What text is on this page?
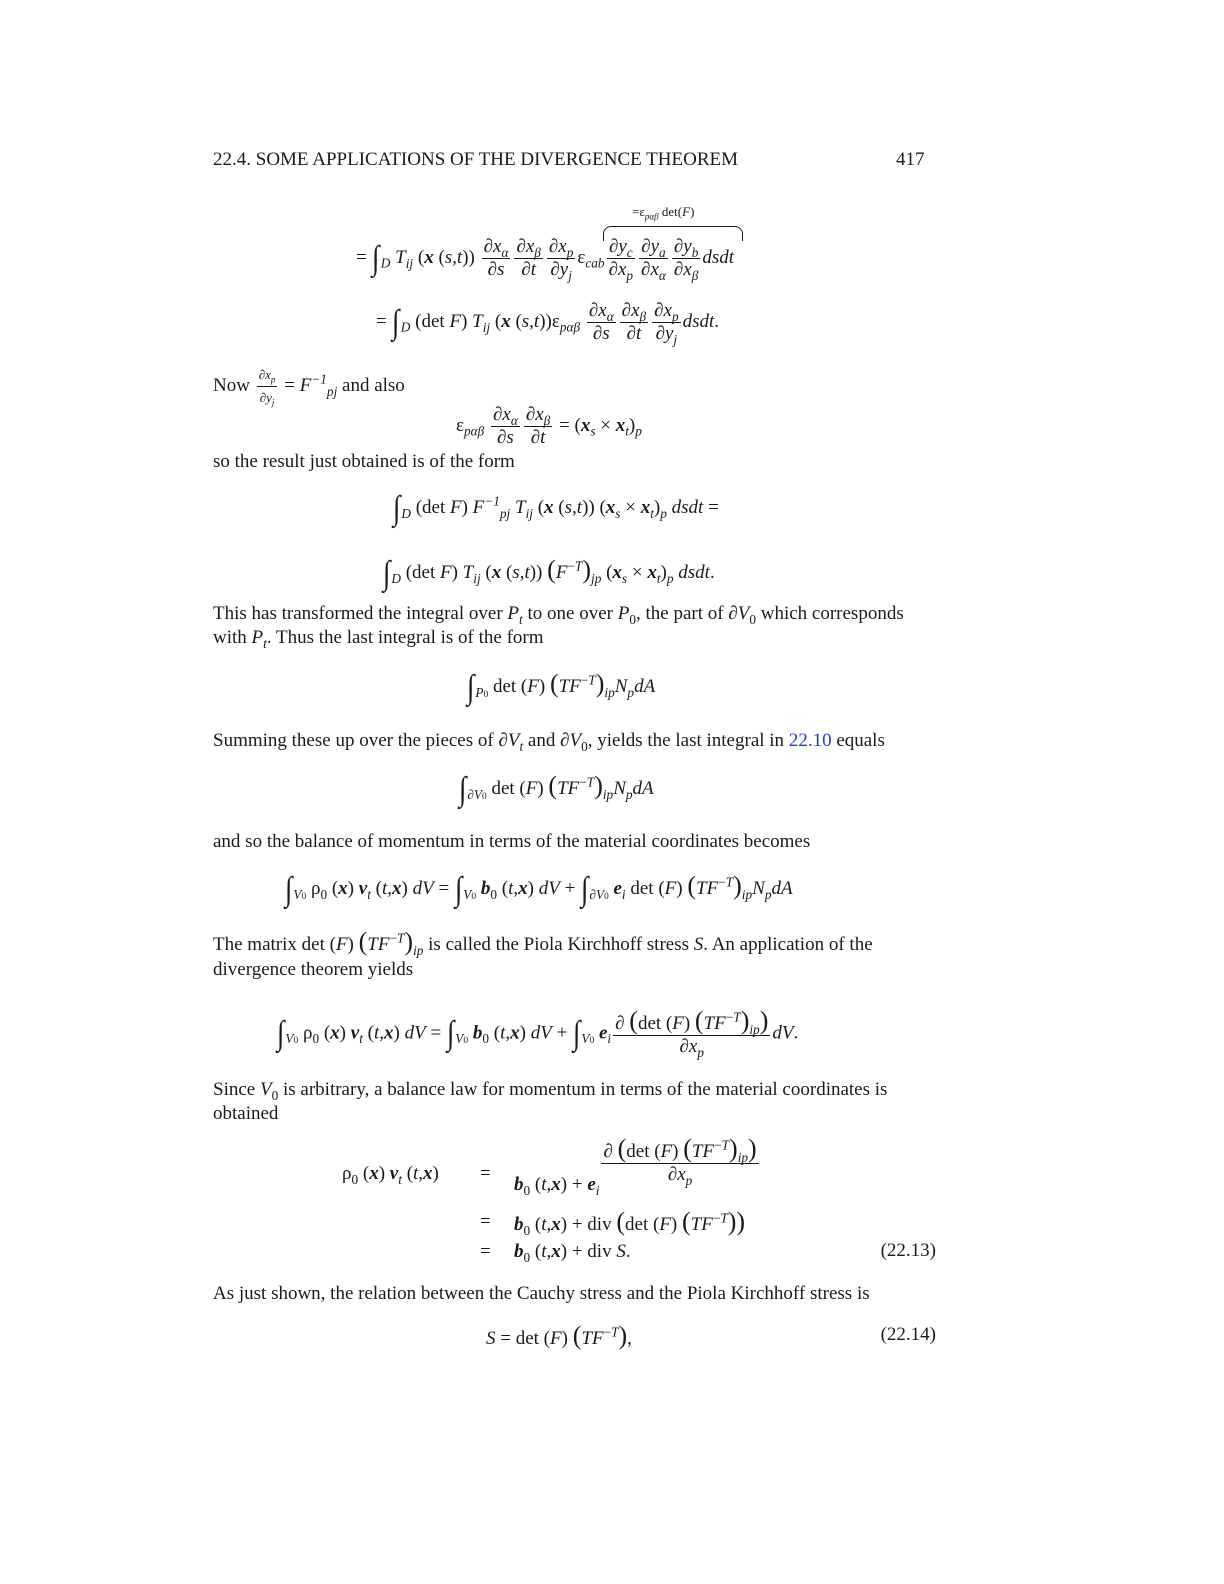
22.4. SOME APPLICATIONS OF THE DIVERGENCE THEOREM	417
$=\varepsilon_{p\alpha\beta}$ det(F)
= $\int_D$ $T_{ij}$ (x $(s,t)) \frac{\partial x_\alpha}{\partial s} \frac{\partial x_\beta}{\partial t} \frac{\partial x_p}{\partial y_j} \varepsilon_{cab} \frac{\partial y_c}{\partial x_p} \frac{\partial y_a}{\partial x_\alpha} \frac{\partial y_b}{\partial x_\beta}$ dsdt
= $\int_D$ (det F) $T_{ij}$ (x $(s,t))\varepsilon_{p\alpha\beta} \frac{\partial x_\alpha}{\partial s} \frac{\partial x_\beta}{\partial t} \frac{\partial x_p}{\partial y_j}$ dsdt.
Now $\frac{\partial x_p}{\partial y_j} = F^{-1}_{pj}$ and also
$\varepsilon_{p\alpha\beta} \frac{\partial x_\alpha}{\partial s} \frac{\partial x_\beta}{\partial t} = (x_s \times x_t)_p$
so the result just obtained is of the form
$\int_D$ (det F) $F^{-1}_{pj}$ $T_{ij}$ (x (s,t)) $(x_s \times x_t)_p$ dsdt =
$\int_D$ (det F) $T_{ij}$ (x (s,t)) $(F^{-T})_{jp}$ $(x_s \times x_t)_p$ dsdt.
This has transformed the integral over $P_t$ to one over $P_0$, the part of $\partial V_0$ which corresponds
with $P_t$. Thus the last integral is of the form
$\int_{P0}$ det (F) $(TF^{-T})_{ip}N_pdA$
Summing these up over the pieces of $\partial V_t$ and $\partial V_0$, yields the last integral in 22.10 equals
$\int_{\partial V0}$ det (F) $(TF^{-T})_{ip}N_pdA$
and so the balance of momentum in terms of the material coordinates becomes
$\int_{V0}$ $\rho_0$ (x) $v_t$ (t,x) dV = $\int_{V0}$ $b_0$ (t,x) dV + $\int_{\partial V0}$ $e_i$ det (F) $(TF^{-T})_{ip}N_pdA$
The matrix det (F) $(TF^{-T})_{ip}$ is called the Piola Kirchhoff stress S. An application of the
divergence theorem yields
$\int_{V0}$ $\rho_0$ (x) $v_t$ (t,x) dV = $\int_{V0}$ $b_0$ (t,x) dV + $\int_{V0}$ $e_i \frac{\partial (\det (F) (TF^{-T})_{ip})}{\partial x_p}$ dV.
Since $V_0$ is arbitrary, a balance law for momentum in terms of the material coordinates is
obtained
$\rho_0$ (x) $v_t$ (t,x) =
$b_0$ $(t,x) + e_i$
$\frac{\partial (\det (F) (TF^{-T})_{ip})}{\partial x_p}$
= $b_0$ (t,x) + div (det (F) $(TF^{-T})$)
= $b_0$ (t,x) + div S.	(22.13)
As just shown, the relation between the Cauchy stress and the Piola Kirchhoff stress is
S = det (F) $(TF^{-T})$,	(22.14)
